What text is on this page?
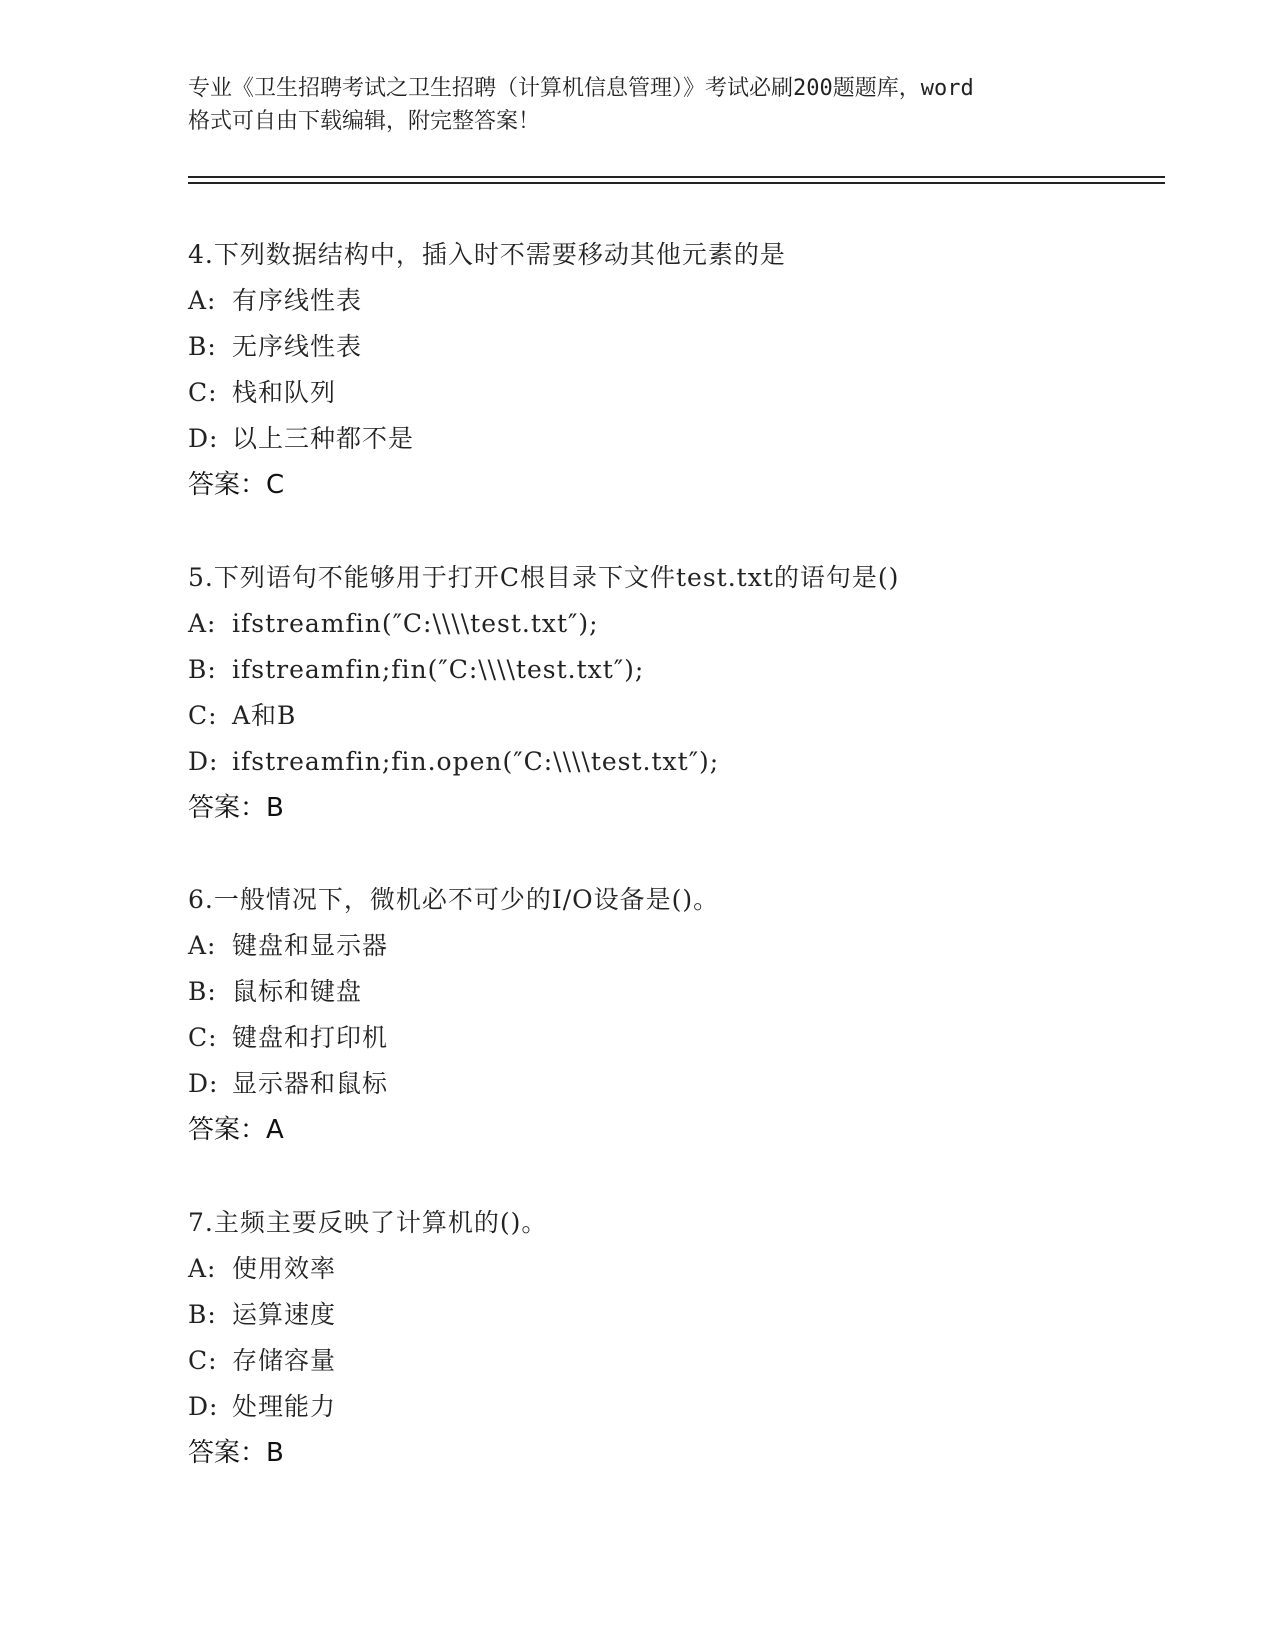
专业《卫生招聘考试之卫生招聘（计算机信息管理）》考试必刷200题题库，word
格式可自由下载编辑，附完整答案！
4.下列数据结构中，插入时不需要移动其他元素的是
A: 有序线性表
B: 无序线性表
C: 栈和队列
D: 以上三种都不是
答案：C
5.下列语句不能够用于打开C根目录下文件test.txt的语句是()
A: ifstreamfin(″C:\\\\test.txt″);
B: ifstreamfin;fin(″C:\\\\test.txt″);
C: A和B
D: ifstreamfin;fin.open(″C:\\\\test.txt″);
答案：B
6.一般情况下，微机必不可少的I/O设备是()。
A: 键盘和显示器
B: 鼠标和键盘
C: 键盘和打印机
D: 显示器和鼠标
答案：A
7.主频主要反映了计算机的()。
A: 使用效率
B: 运算速度
C: 存储容量
D: 处理能力
答案：B
